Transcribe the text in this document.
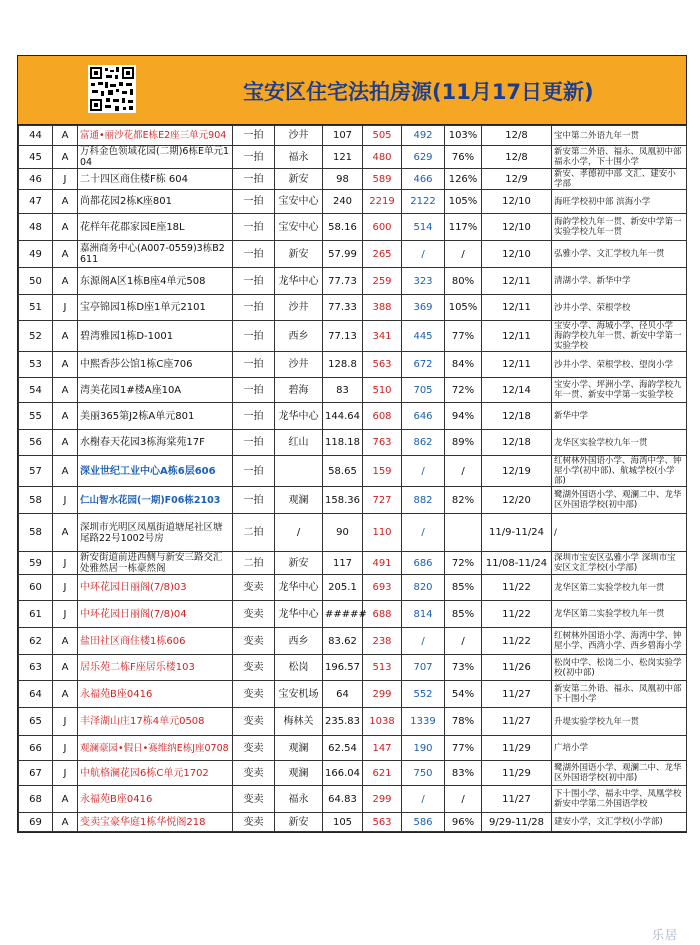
宝安区住宅法拍房源(11月17日更新)
44	A	富通•丽沙花都E栋E2座三单元904	一拍	沙井	107	505	492	103%	12/8	宝中第二外语九年一贯
45	A	万科金色领域花园(二期)6栋E单元104	一拍	福永	121	480	629	76%	12/8	新安第二外语、福永、凤凰初中部 福永小学，下十围小学
46	J	二十四区商住楼F栋 604	一拍	新安	98	589	466	126%	12/9	新安、孝德初中部 文汇、建安小学部
47	A	尚都花园2栋K座801	一拍	宝安中心	240	2219	2122	105%	12/10	海旺学校初中部 滨海小学
48	A	花样年花郡家园E座18L	一拍	宝安中心	58.16	600	514	117%	12/10	海韵学校九年一贯、新安中学第一实验学校九年一贯
49	A	嘉洲商务中心(A007-0559)3栋B2611	一拍	新安	57.99	265	/	/	12/10	弘雅小学、文汇学校九年一贯
50	A	东源阁A区1栋B座4单元508	一拍	龙华中心	77.73	259	323	80%	12/11	清湖小学、新华中学
51	J	宝亭锦园1栋D座1单元2101	一拍	沙井	77.33	388	369	105%	12/11	沙井小学、荣根学校
52	A	碧湾雅园1栋D-1001	一拍	西乡	77.13	341	445	77%	12/11	宝安小学、海城小学、径贝小学 海韵学校九年一贯、新安中学第一实验学校
53	A	中熙香莎公馆1栋C座706	一拍	沙井	128.8	563	672	84%	12/11	沙井小学、荣根学校、望岗小学
54	A	湾美花园1#楼A座10A	一拍	碧海	83	510	705	72%	12/14	宝安小学、坪洲小学、海韵学校九年一贯、新安中学第一实验学校
55	A	美丽365第J2栋A单元801	一拍	龙华中心	144.64	608	646	94%	12/18	新华中学
56	A	水榭春天花园3栋海棠苑17F	一拍	红山	118.18	763	862	89%	12/18	龙华区实验学校九年一贯
57	A	深业世纪工业中心A栋6层606	一拍		58.65	159	/	/	12/19	红树林外国语小学、海湾中学、钟屋小学(初中部)、航城学校(小学部)
58	J	仁山智水花园(一期)F06栋2103	一拍	观澜	158.36	727	882	82%	12/20	鹭湖外国语小学、观澜二中、龙华区外国语学校(初中部)
58	A	深圳市光明区凤凰街道塘尾社区塘尾路22号1002号房	二拍	/	90	110	/		11/9-11/24	/
59	J	新安街道前进西侧与新安三路交汇处雅然居一栋豪然阁	二拍	新安	117	491	686	72%	11/08-11/24	深圳市宝安区弘雅小学 深圳市宝安区文汇学校(小学部)
60	J	中环花园日丽阁(7/8)03	变卖	龙华中心	205.1	693	820	85%	11/22	龙华区第二实验学校九年一贯
61	J	中环花园日丽阁(7/8)04	变卖	龙华中心	#####	688	814	85%	11/22	龙华区第二实验学校九年一贯
62	A	盐田社区商住楼1栋606	变卖	西乡	83.62	238	/	/	11/22	红树林外国语小学、海湾中学、钟屋小学、西湾小学、西乡碧海小学
63	A	居乐苑二栋F座居乐楼103	变卖	松岗	196.57	513	707	73%	11/26	松岗中学、松岗二小、松岗实验学校(初中部)
64	A	永福苑B座0416	变卖	宝安机场	64	299	552	54%	11/27	新安第二外语、福永、凤凰初中部 下十围小学
65	J	丰泽湖山庄17栋4单元0508	变卖	梅林关	235.83	1038	1339	78%	11/27	升堤实验学校九年一贯
66	J	观澜豪园•假日•赛维纳E栋J座0708	变卖	观澜	62.54	147	190	77%	11/29	广培小学
67	J	中航格澜花园6栋C单元1702	变卖	观澜	166.04	621	750	83%	11/29	鹭湖外国语小学、观澜二中、龙华区外国语学校(初中部)
68	A	永福苑B座0416	变卖	福永	64.83	299	/	/	11/27	下十围小学、福永中学、凤凰学校 新安中学第二外国语学校
69	A	变卖宝豪华庭1栋华悦阁218	变卖	新安	105	563	586	96%	9/29-11/28	建安小学，文汇学校(小学部)
乐居
